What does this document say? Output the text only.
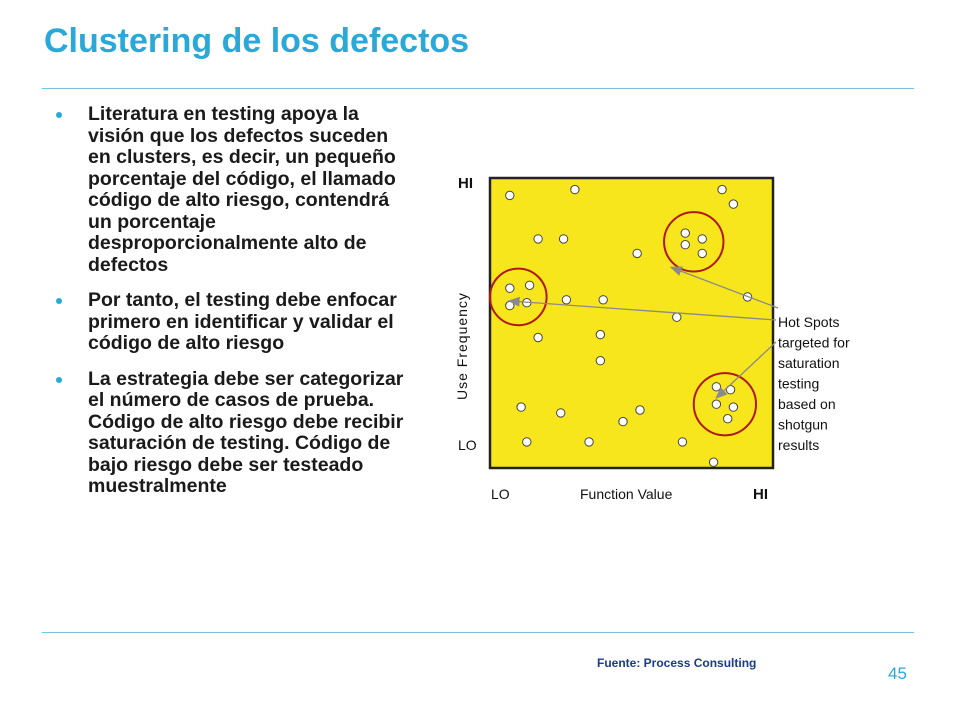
Clustering de los defectos
Literatura en testing apoya la visión que los defectos suceden en clusters, es decir, un pequeño porcentaje del código, el llamado código de alto riesgo, contendrá un porcentaje desproporcionalmente alto de defectos
Por tanto, el testing debe enfocar primero en identificar y validar el código de alto riesgo
La estrategia debe ser categorizar el número de casos de prueba. Código de alto riesgo debe recibir saturación de testing. Código de bajo riesgo debe ser testeado muestralmente
HI
LO
LO	HI
Function Value
Use Frequency	Hot Spots targeted for saturation testing based on shotgun results
Fuente: Process Consulting
45
